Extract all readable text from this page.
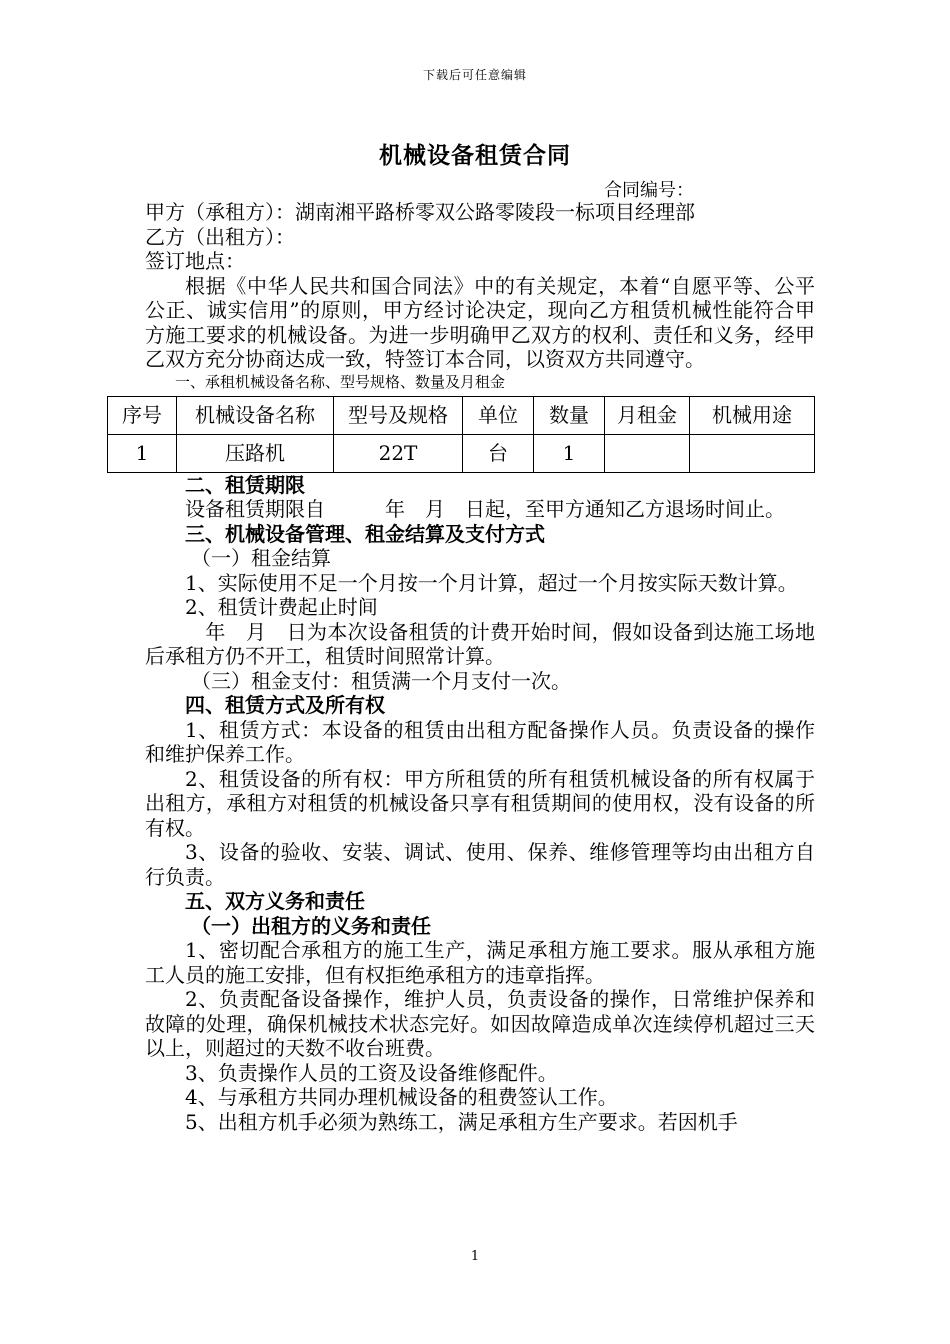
下载后可任意编辑
机械设备租赁合同
合同编号：

甲方（承租方）：湖南湘平路桥零双公路零陵段一标项目经理部

乙方（出租方）：

签订地点：

根据《中华人民共和国合同法》中的有关规定，本着“自愿平等、公平公正、诚实信用”的原则，甲方经讨论决定，现向乙方租赁机械性能符合甲方施工要求的机械设备。为进一步明确甲乙双方的权利、责任和义务，经甲乙双方充分协商达成一致，特签订本合同，以资双方共同遵守。

一、承租机械设备名称、型号规格、数量及月租金

序号	机械设备名称	型号及规格	单位	数量	月租金	机械用途
1	压路机	22T	台	1		

二、租赁期限

设备租赁期限自　　　年　月　日起，至甲方通知乙方退场时间止。

三、机械设备管理、租金结算及支付方式

（一）租金结算

1、实际使用不足一个月按一个月计算，超过一个月按实际天数计算。

2、租赁计费起止时间

　年　月　日为本次设备租赁的计费开始时间，假如设备到达施工场地后承租方仍不开工，租赁时间照常计算。

（三）租金支付：租赁满一个月支付一次。

四、租赁方式及所有权

1、租赁方式：本设备的租赁由出租方配备操作人员。负责设备的操作和维护保养工作。

2、租赁设备的所有权：甲方所租赁的所有租赁机械设备的所有权属于出租方，承租方对租赁的机械设备只享有租赁期间的使用权，没有设备的所有权。

3、设备的验收、安装、调试、使用、保养、维修管理等均由出租方自行负责。

五、双方义务和责任

（一）出租方的义务和责任

1、密切配合承租方的施工生产，满足承租方施工要求。服从承租方施工人员的施工安排，但有权拒绝承租方的违章指挥。

2、负责配备设备操作，维护人员，负责设备的操作，日常维护保养和故障的处理，确保机械技术状态完好。如因故障造成单次连续停机超过三天以上，则超过的天数不收台班费。

3、负责操作人员的工资及设备维修配件。

4、与承租方共同办理机械设备的租费签认工作。

5、出租方机手必须为熟练工，满足承租方生产要求。若因机手

1
